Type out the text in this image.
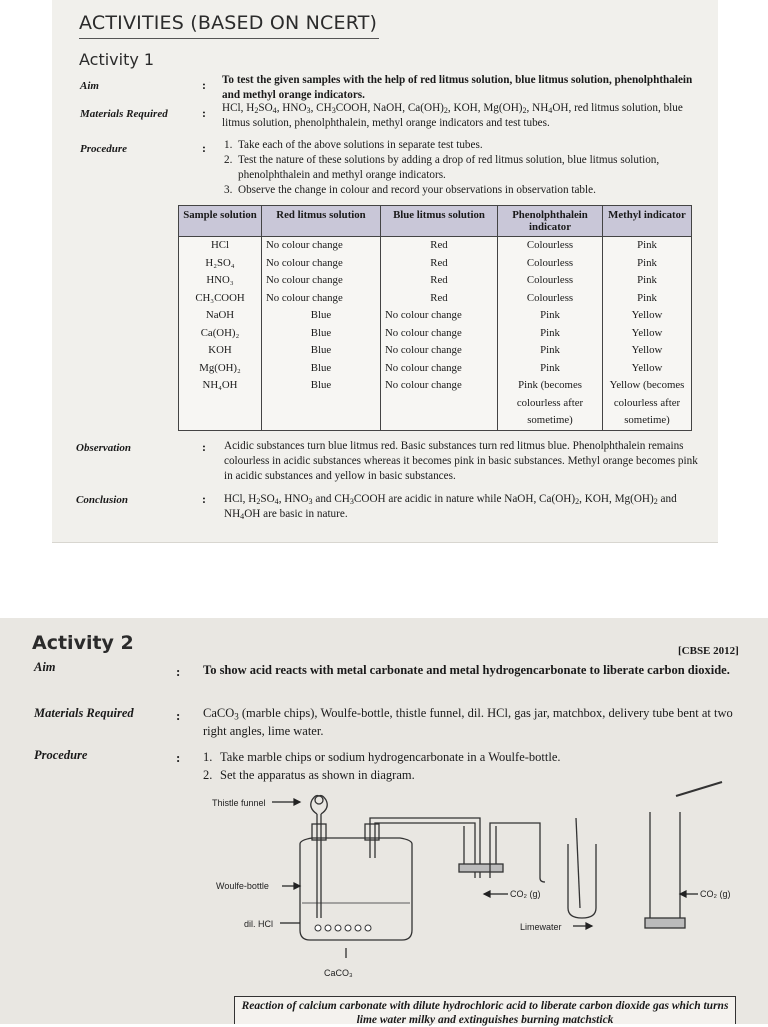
ACTIVITIES (BASED ON NCERT)
Activity 1
Aim	: To test the given samples with the help of red litmus solution, blue litmus solution, phenolphthalein and methyl orange indicators.
Materials Required	: HCl, $H_2SO_4$, $HNO_3$, $CH_3COOH$, NaOH, $Ca(OH)_2$, KOH, $Mg(OH)_2$, $NH_4OH$, red litmus solution, blue litmus solution, phenolphthalein, methyl orange indicators and test tubes.
Procedure	: 1. Take each of the above solutions in separate test tubes.
2. Test the nature of these solutions by adding a drop of red litmus solution, blue litmus solution, phenolphthalein and methyl orange indicators.
3. Observe the change in colour and record your observations in observation table.
Sample solution	Red litmus solution	Blue litmus solution	Phenolphthalein indicator	Methyl indicator
HCl	No colour change	Red	Colourless	Pink
H₂SO₄	No colour change	Red	Colourless	Pink
HNO₃	No colour change	Red	Colourless	Pink
CH₃COOH	No colour change	Red	Colourless	Pink
NaOH	Blue	No colour change	Pink	Yellow
Ca(OH)₂	Blue	No colour change	Pink	Yellow
KOH	Blue	No colour change	Pink	Yellow
Mg(OH)₂	Blue	No colour change	Pink	Yellow
NH₄OH	Blue	No colour change	Pink (becomes colourless after sometime)	Yellow (becomes colourless after sometime)
Observation	: Acidic substances turn blue litmus red. Basic substances turn red litmus blue. Phenolphthalein remains colourless in acidic substances whereas it becomes pink in basic substances. Methyl orange becomes pink in acidic substances and yellow in basic substances.
Conclusion	: HCl, $H_2SO_4$, $HNO_3$ and $CH_3COOH$ are acidic in nature while NaOH, $Ca(OH)_2$, KOH, $Mg(OH)_2$ and $NH_4OH$ are basic in nature.
Activity 2	[CBSE 2012]
Aim	: To show acid reacts with metal carbonate and metal hydrogencarbonate to liberate carbon dioxide.
Materials Required	: CaCO$_3$ (marble chips), Woulfe-bottle, thistle funnel, dil. HCl, gas jar, matchbox, delivery tube bent at two right angles, lime water.
Procedure	: 1. Take marble chips or sodium hydrogencarbonate in a Woulfe-bottle.
2. Set the apparatus as shown in diagram.
Thistle funnel
Woulfe-bottle
dil. HCl
CaCO₃
CO₂ (g)	CO₂ (g)
Limewater
Reaction of calcium carbonate with dilute hydrochloric acid to liberate carbon dioxide gas which turns lime water milky and extinguishes burning matchstick
